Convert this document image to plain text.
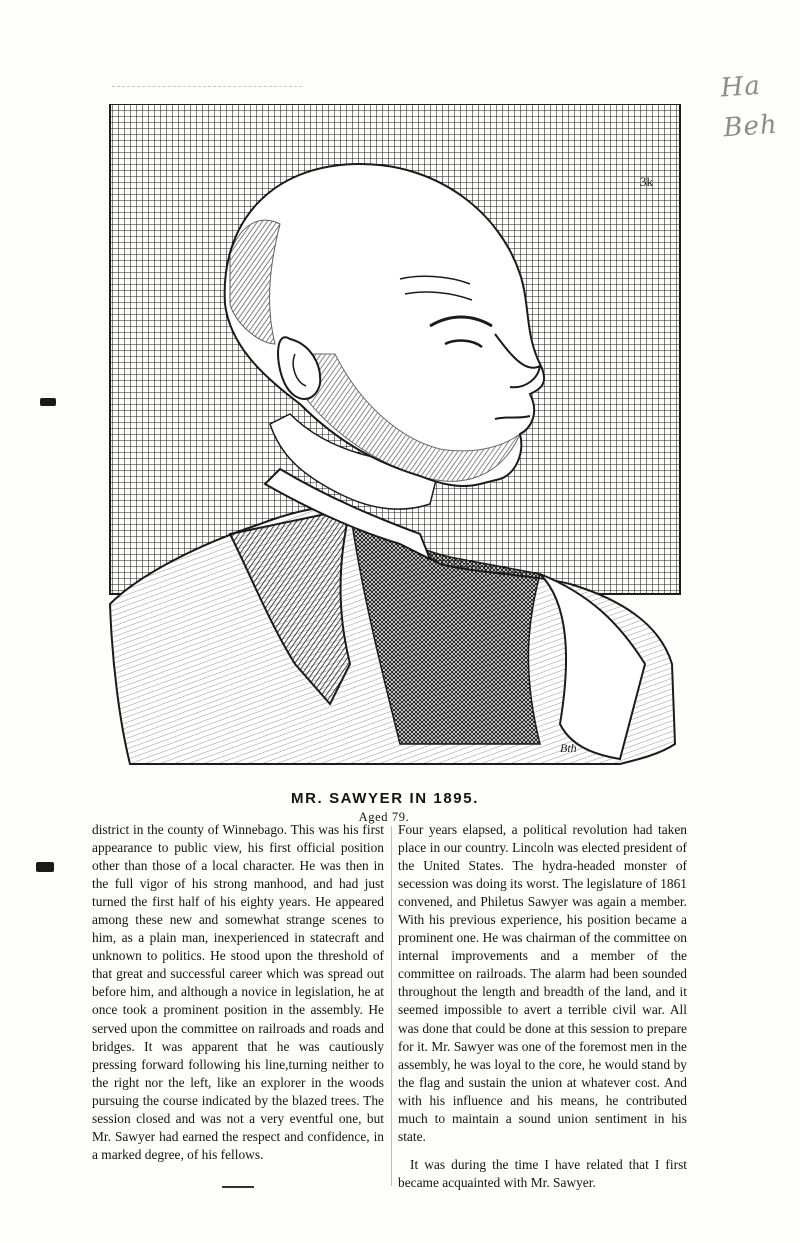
Ha
Beh
3k
Bth
MR. SAWYER IN 1895.
Aged 79.

district in the county of Winnebago. This was his first appearance to public view, his first official position other than those of a local character. He was then in the full vigor of his strong manhood, and had just turned the first half of his eighty years. He appeared among these new and somewhat strange scenes to him, as a plain man, inexperienced in statecraft and unknown to politics. He stood upon the threshold of that great and successful career which was spread out before him, and although a novice in legislation, he at once took a prominent position in the assembly. He served upon the committee on railroads and roads and bridges. It was apparent that he was cautiously pressing forward following his line,turning neither to the right nor the left, like an explorer in the woods pursuing the course indicated by the blazed trees. The session closed and was not a very eventful one, but Mr. Sawyer had earned the respect and confidence, in a marked degree, of his fellows.

Four years elapsed, a political revolution had taken place in our country. Lincoln was elected president of the United States. The hydra-headed monster of secession was doing its worst. The legislature of 1861 convened, and Philetus Sawyer was again a member. With his previous experience, his position became a prominent one. He was chairman of the committee on internal improvements and a member of the committee on railroads. The alarm had been sounded throughout the length and breadth of the land, and it seemed impossible to avert a terrible civil war. All was done that could be done at this session to prepare for it. Mr. Sawyer was one of the foremost men in the assembly, he was loyal to the core, he would stand by the flag and sustain the union at whatever cost. And with his influence and his means, he contributed much to maintain a sound union sentiment in his state.

It was during the time I have related that I first became acquainted with Mr. Sawyer.
